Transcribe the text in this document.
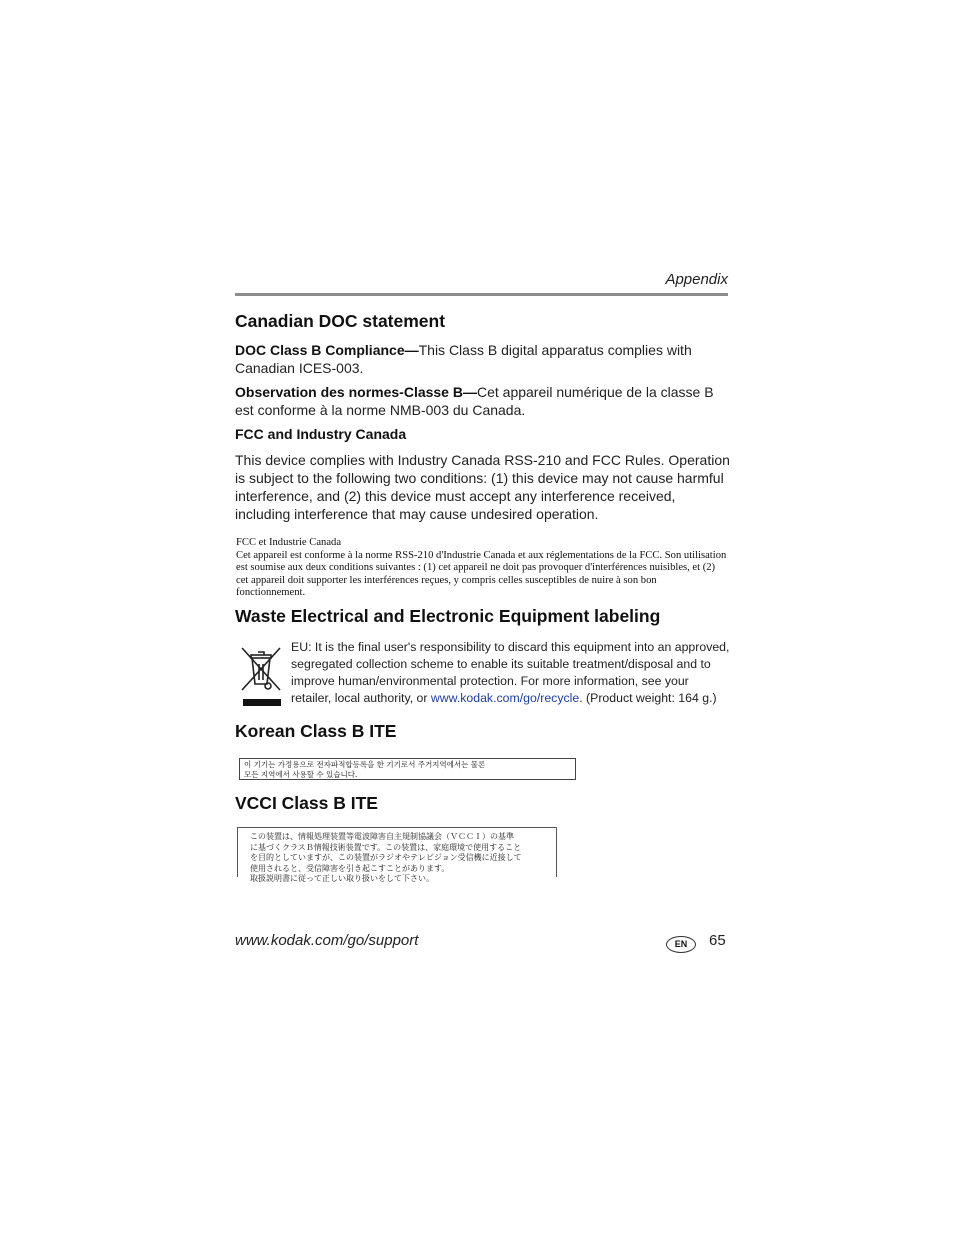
Appendix
Canadian DOC statement
DOC Class B Compliance—This Class B digital apparatus complies with Canadian ICES-003.
Observation des normes-Classe B—Cet appareil numérique de la classe B est conforme à la norme NMB-003 du Canada.
FCC and Industry Canada
This device complies with Industry Canada RSS-210 and FCC Rules. Operation is subject to the following two conditions: (1) this device may not cause harmful interference, and (2) this device must accept any interference received, including interference that may cause undesired operation.
FCC et Industrie Canada
Cet appareil est conforme à la norme RSS-210 d'Industrie Canada et aux réglementations de la FCC. Son utilisation est soumise aux deux conditions suivantes : (1) cet appareil ne doit pas provoquer d'interférences nuisibles, et (2) cet appareil doit supporter les interférences reçues, y compris celles susceptibles de nuire à son bon fonctionnement.
Waste Electrical and Electronic Equipment labeling
EU: It is the final user's responsibility to discard this equipment into an approved, segregated collection scheme to enable its suitable treatment/disposal and to improve human/environmental protection. For more information, see your retailer, local authority, or www.kodak.com/go/recycle. (Product weight: 164 g.)
Korean Class B ITE
이 기기는 가정용으로 전자파적합등록을 한 기기로서 주거지역에서는 물론
모든 지역에서 사용할 수 있습니다.
VCCI Class B ITE
この装置は、情報処理装置等電波障害自主規制協議会（ＶＣＣＩ）の基準
に基づくクラスＢ情報技術装置です。この装置は、家庭環境で使用すること
を目的としていますが、この装置がラジオやテレビジョン受信機に近接して
使用されると、受信障害を引き起こすことがあります。
取扱説明書に従って正しい取り扱いをして下さい。
www.kodak.com/go/support	EN	65
